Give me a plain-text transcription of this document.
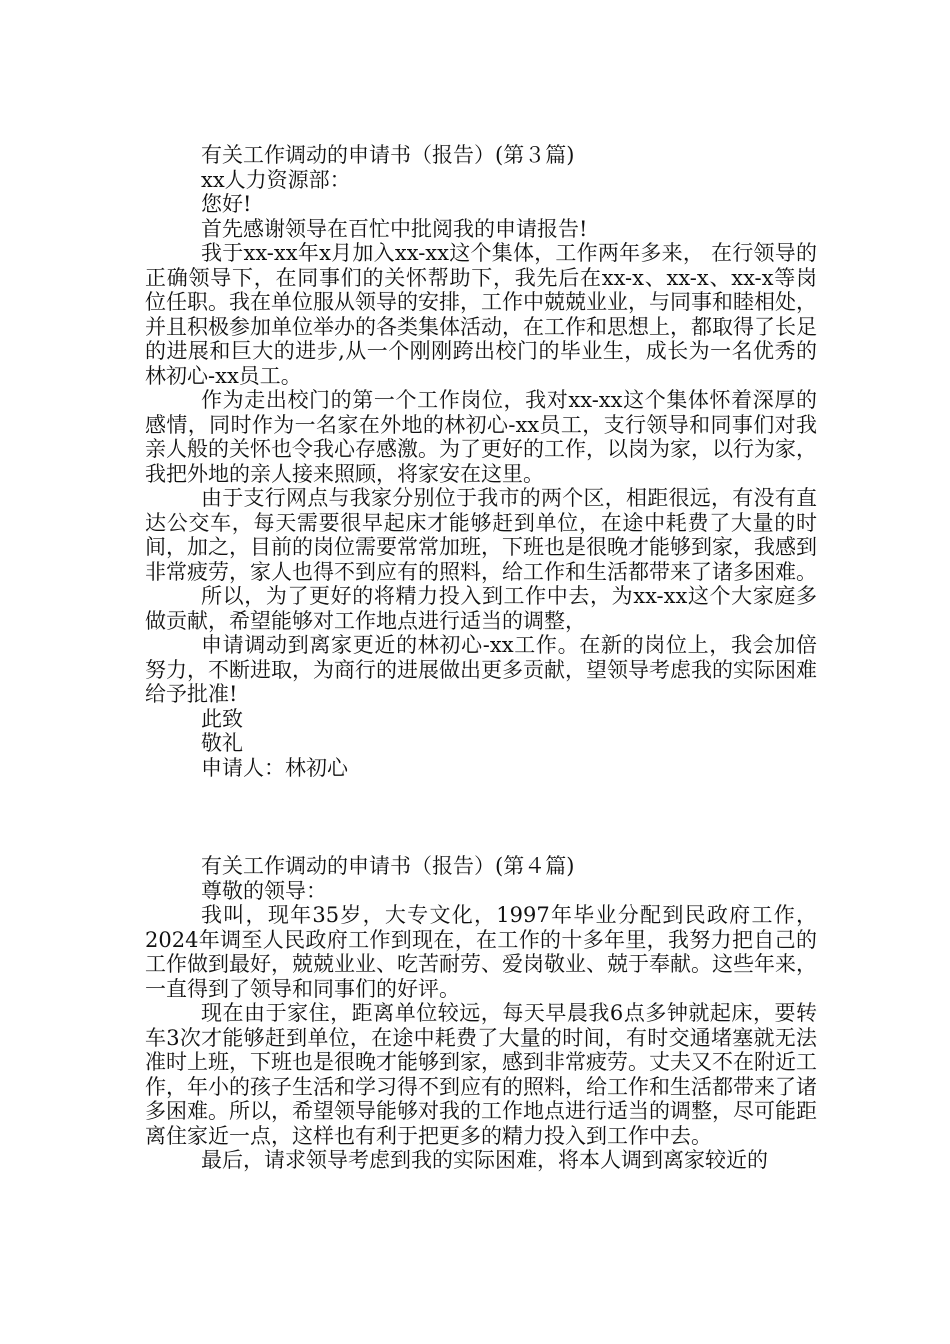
有关工作调动的申请书（报告）(第３篇)

xx人力资源部：

您好!

首先感谢领导在百忙中批阅我的申请报告!

我于xx-xx年x月加入xx-xx这个集体，工作两年多来， 在行领导的正确领导下，在同事们的关怀帮助下，我先后在xx-x、xx-x、xx-x等岗位任职。我在单位服从领导的安排，工作中兢兢业业，与同事和睦相处，并且积极参加单位举办的各类集体活动，在工作和思想上，都取得了长足的进展和巨大的进步,从一个刚刚跨出校门的毕业生，成长为一名优秀的林初心-xx员工。

作为走出校门的第一个工作岗位，我对xx-xx这个集体怀着深厚的感情，同时作为一名家在外地的林初心-xx员工，支行领导和同事们对我亲人般的关怀也令我心存感激。为了更好的工作，以岗为家，以行为家，我把外地的亲人接来照顾，将家安在这里。

由于支行网点与我家分别位于我市的两个区，相距很远，有没有直达公交车，每天需要很早起床才能够赶到单位，在途中耗费了大量的时间，加之，目前的岗位需要常常加班，下班也是很晚才能够到家，我感到非常疲劳，家人也得不到应有的照料，给工作和生活都带来了诸多困难。

所以，为了更好的将精力投入到工作中去，为xx-xx这个大家庭多做贡献，希望能够对工作地点进行适当的调整，

申请调动到离家更近的林初心-xx工作。在新的岗位上，我会加倍努力，不断进取，为商行的进展做出更多贡献，望领导考虑我的实际困难给予批准!

此致

敬礼

申请人：林初心

有关工作调动的申请书（报告）(第４篇)

尊敬的领导：

我叫，现年35岁，大专文化，1997年毕业分配到民政府工作，2024年调至人民政府工作到现在，在工作的十多年里，我努力把自己的工作做到最好，兢兢业业、吃苦耐劳、爱岗敬业、兢于奉献。这些年来，一直得到了领导和同事们的好评。

现在由于家住，距离单位较远，每天早晨我6点多钟就起床，要转车3次才能够赶到单位，在途中耗费了大量的时间，有时交通堵塞就无法准时上班，下班也是很晚才能够到家，感到非常疲劳。丈夫又不在附近工作，年小的孩子生活和学习得不到应有的照料，给工作和生活都带来了诸多困难。所以，希望领导能够对我的工作地点进行适当的调整，尽可能距离住家近一点，这样也有利于把更多的精力投入到工作中去。

最后，请求领导考虑到我的实际困难，将本人调到离家较近的
